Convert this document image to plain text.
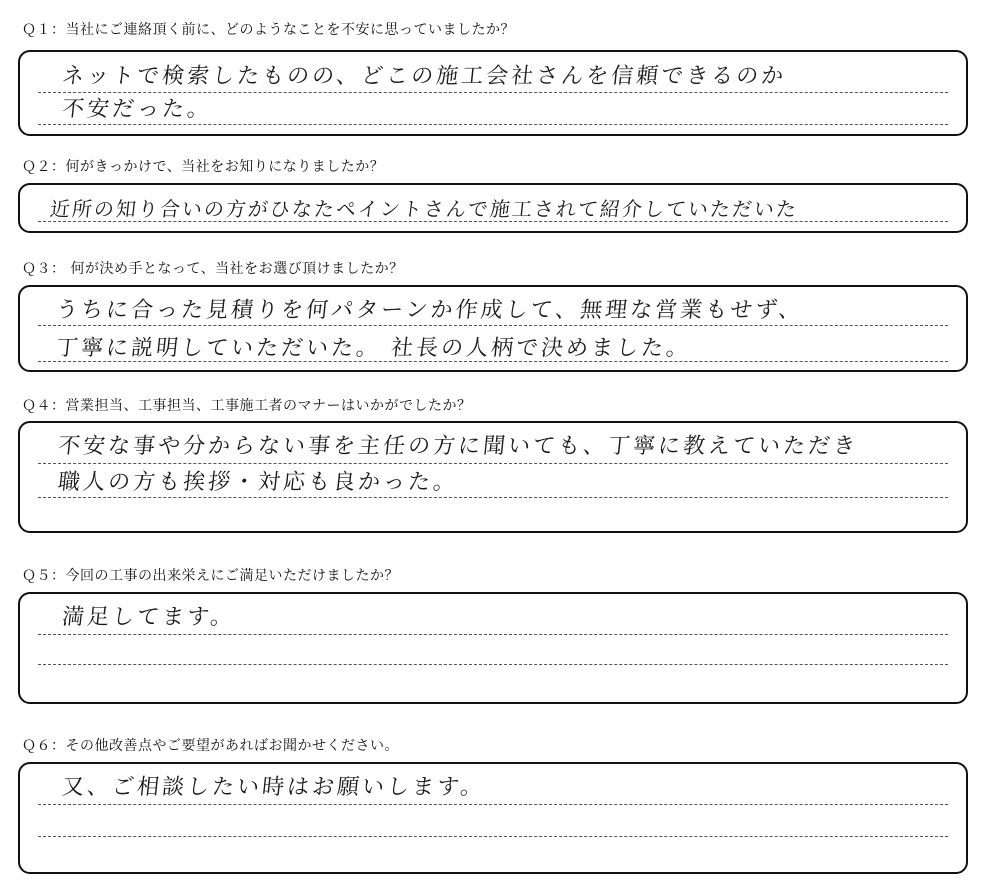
Ｑ１：当社にご連絡頂く前に、どのようなことを不安に思っていましたか？
ネットで検索したものの、どこの施工会社さんを信頼できるのか
不安だった。
Ｑ２：何がきっかけで、当社をお知りになりましたか？
近所の知り合いの方がひなたペイントさんで施工されて紹介していただいた
Ｑ３： 何が決め手となって、当社をお選び頂けましたか？
うちに合った見積りを何パターンか作成して、無理な営業もせず、
丁寧に説明していただいた。 社長の人柄で決めました。
Ｑ４：営業担当、工事担当、工事施工者のマナーはいかがでしたか？
不安な事や分からない事を主任の方に聞いても、丁寧に教えていただき
職人の方も挨拶・対応も良かった。
Ｑ５：今回の工事の出来栄えにご満足いただけましたか？
満足してます。
Ｑ６：その他改善点やご要望があればお聞かせください。
又、ご相談したい時はお願いします。
